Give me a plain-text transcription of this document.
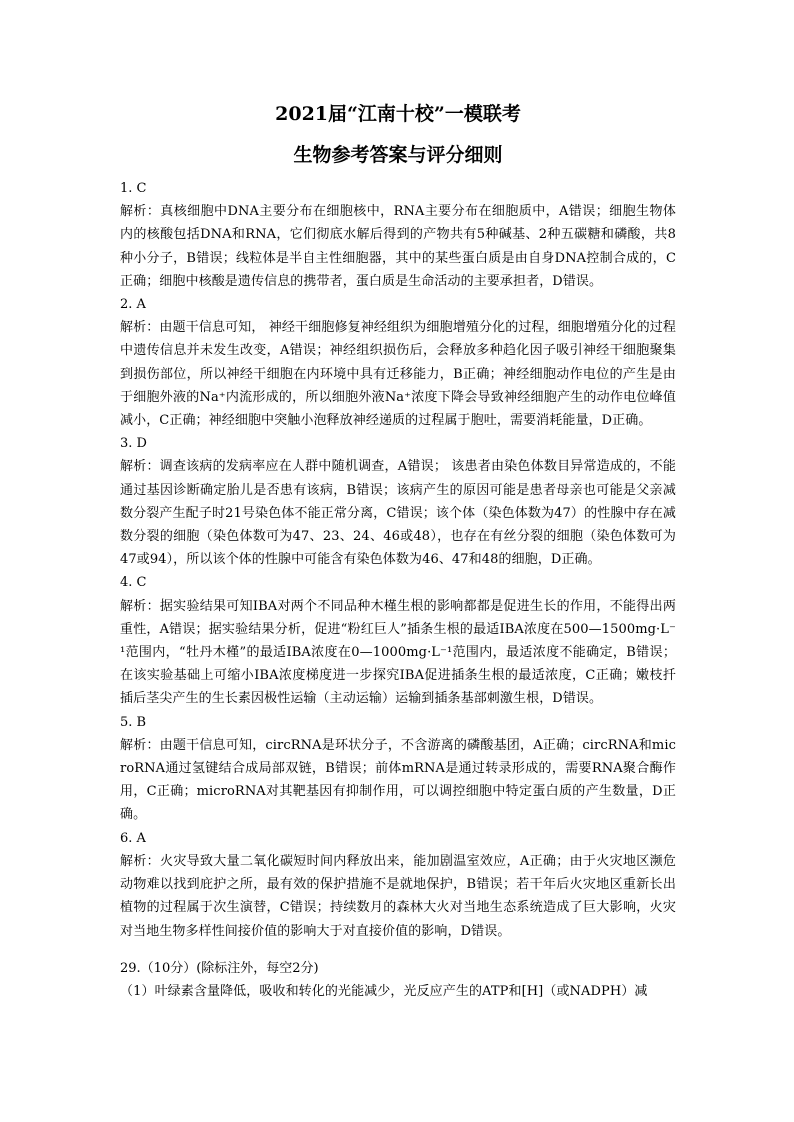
2021届“江南十校”一模联考
生物参考答案与评分细则
1. C
解析：真核细胞中DNA主要分布在细胞核中，RNA主要分布在细胞质中，A错误；细胞生物体内的核酸包括DNA和RNA，它们彻底水解后得到的产物共有5种碱基、2种五碳糖和磷酸，共8种小分子，B错误；线粒体是半自主性细胞器，其中的某些蛋白质是由自身DNA控制合成的，C正确；细胞中核酸是遗传信息的携带者，蛋白质是生命活动的主要承担者，D错误。
2. A
解析：由题干信息可知， 神经干细胞修复神经组织为细胞增殖分化的过程，细胞增殖分化的过程中遗传信息并未发生改变，A错误；神经组织损伤后，会释放多种趋化因子吸引神经干细胞聚集到损伤部位，所以神经干细胞在内环境中具有迁移能力，B正确；神经细胞动作电位的产生是由于细胞外液的Na⁺内流形成的，所以细胞外液Na⁺浓度下降会导致神经细胞产生的动作电位峰值减小，C正确；神经细胞中突触小泡释放神经递质的过程属于胞吐，需要消耗能量，D正确。
3. D
解析：调查该病的发病率应在人群中随机调查，A错误； 该患者由染色体数目异常造成的，不能通过基因诊断确定胎儿是否患有该病，B错误；该病产生的原因可能是患者母亲也可能是父亲减数分裂产生配子时21号染色体不能正常分离，C错误；该个体（染色体数为47）的性腺中存在减数分裂的细胞（染色体数可为47、23、24、46或48），也存在有丝分裂的细胞（染色体数可为47或94），所以该个体的性腺中可能含有染色体数为46、47和48的细胞，D正确。
4. C
解析：据实验结果可知IBA对两个不同品种木槿生根的影响都都是促进生长的作用，不能得出两重性，A错误；据实验结果分析，促进“粉红巨人”插条生根的最适IBA浓度在500—1500mg·L⁻¹范围内，“牡丹木槿”的最适IBA浓度在0—1000mg·L⁻¹范围内，最适浓度不能确定，B错误；在该实验基础上可缩小IBA浓度梯度进一步探究IBA促进插条生根的最适浓度，C正确；嫩枝扦插后茎尖产生的生长素因极性运输（主动运输）运输到插条基部刺激生根，D错误。
5. B
解析：由题干信息可知，circRNA是环状分子，不含游离的磷酸基团，A正确；circRNA和microRNA通过氢键结合成局部双链，B错误；前体mRNA是通过转录形成的，需要RNA聚合酶作用，C正确；microRNA对其靶基因有抑制作用，可以调控细胞中特定蛋白质的产生数量，D正确。
6. A
解析：火灾导致大量二氧化碳短时间内释放出来，能加剧温室效应，A正确；由于火灾地区濒危动物难以找到庇护之所，最有效的保护措施不是就地保护，B错误；若干年后火灾地区重新长出植物的过程属于次生演替，C错误；持续数月的森林大火对当地生态系统造成了巨大影响，火灾对当地生物多样性间接价值的影响大于对直接价值的影响，D错误。
29.（10分）(除标注外，每空2分)
（1）叶绿素含量降低，吸收和转化的光能减少，光反应产生的ATP和[H]（或NADPH）减
